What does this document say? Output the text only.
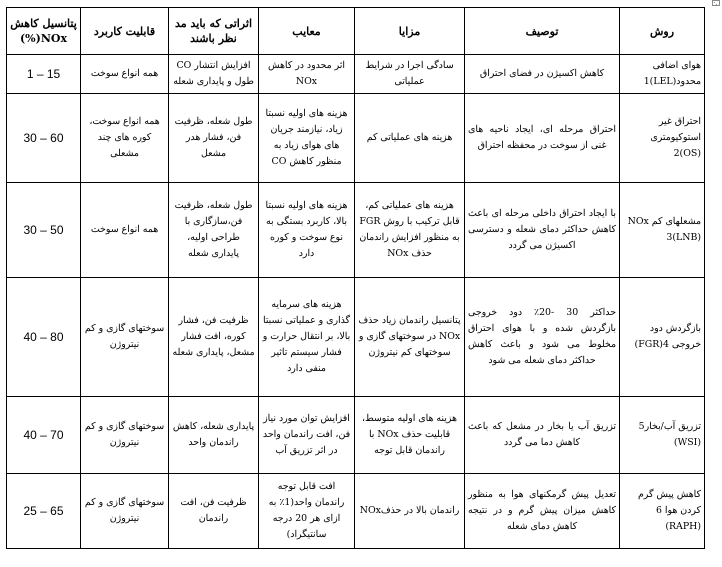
روش	توصیف	مزایا	معایب	اثراتی که باید مد نظر باشند	قابلیت کاربرد	پتانسیل کاهش NOx(%)
هوای اضافی محدود(LEL)1	کاهش اکسیژن در فضای احتراق	سادگی اجرا در شرایط عملیاتی	اثر محدود در کاهش NOx	افزایش انتشار CO طول و پایداری شعله	همه انواع سوخت	1 – 15
احتراق غیر استوکیومتری (OS)2	احتراق مرحله ای، ایجاد ناحیه های غنی از سوخت در محفظه احتراق	هزینه های عملیاتی کم	هزینه های اولیه نسبتا زیاد، نیازمند جریان های هوای زیاد به منظور کاهش CO	طول شعله، ظرفیت فن، فشار هدر مشعل	همه انواع سوخت، کوره های چند مشعلی	30 – 60
مشعلهای کم NOx 3(LNB)	با ایجاد احتراق داخلی مرحله ای باعث کاهش حداکثر دمای شعله و دسترسی اکسیژن می گردد	هزینه های عملیاتی کم، قابل ترکیب با روش FGR به منظور افزایش راندمان حذف NOx	هزینه های اولیه نسبتا بالا، کاربرد بستگی به نوع سوخت و کوره دارد	طول شعله، ظرفیت فن،سازگاری با طراحی اولیه، پایداری شعله	همه انواع سوخت	30 – 50
بازگردش دود خروجی 4(FGR)	حداکثر 30 -20٪ دود خروجی بازگردش شده و با هوای احتراق مخلوط می شود و باعث کاهش حداکثر دمای شعله می شود	پتانسیل راندمان زیاد حذف NOx در سوختهای گازی و سوختهای کم نیتروژن	هزینه های سرمایه گذاری و عملیاتی نسبتا بالا، بر انتقال حرارت و فشار سیستم تاثیر منفی دارد	ظرفیت فن، فشار کوره، افت فشار مشعل، پایداری شعله	سوختهای گازی و کم نیتروژن	40 – 80
تزریق آب/بخار5 (WSI)	تزریق آب یا بخار در مشعل که باعث کاهش دما می گردد	هزینه های اولیه متوسط، قابلیت حذف NOx با راندمان قابل توجه	افزایش توان مورد نیاز فن، افت راندمان واحد در اثر تزریق آب	پایداری شعله، کاهش راندمان واحد	سوختهای گازی و کم نیتروژن	40 – 70
کاهش پیش گرم کردن هوا 6 (RAPH)	تعدیل پیش گرمکنهای هوا به منظور کاهش میزان پیش گرم و در نتیجه کاهش دمای شعله	راندمان بالا در حذفNOx	افت قابل توجه راندمان واحد(1٪ به ازای هر 20 درجه سانتیگراد)	ظرفیت فن، افت راندمان	سوختهای گازی و کم نیتروژن	25 – 65
